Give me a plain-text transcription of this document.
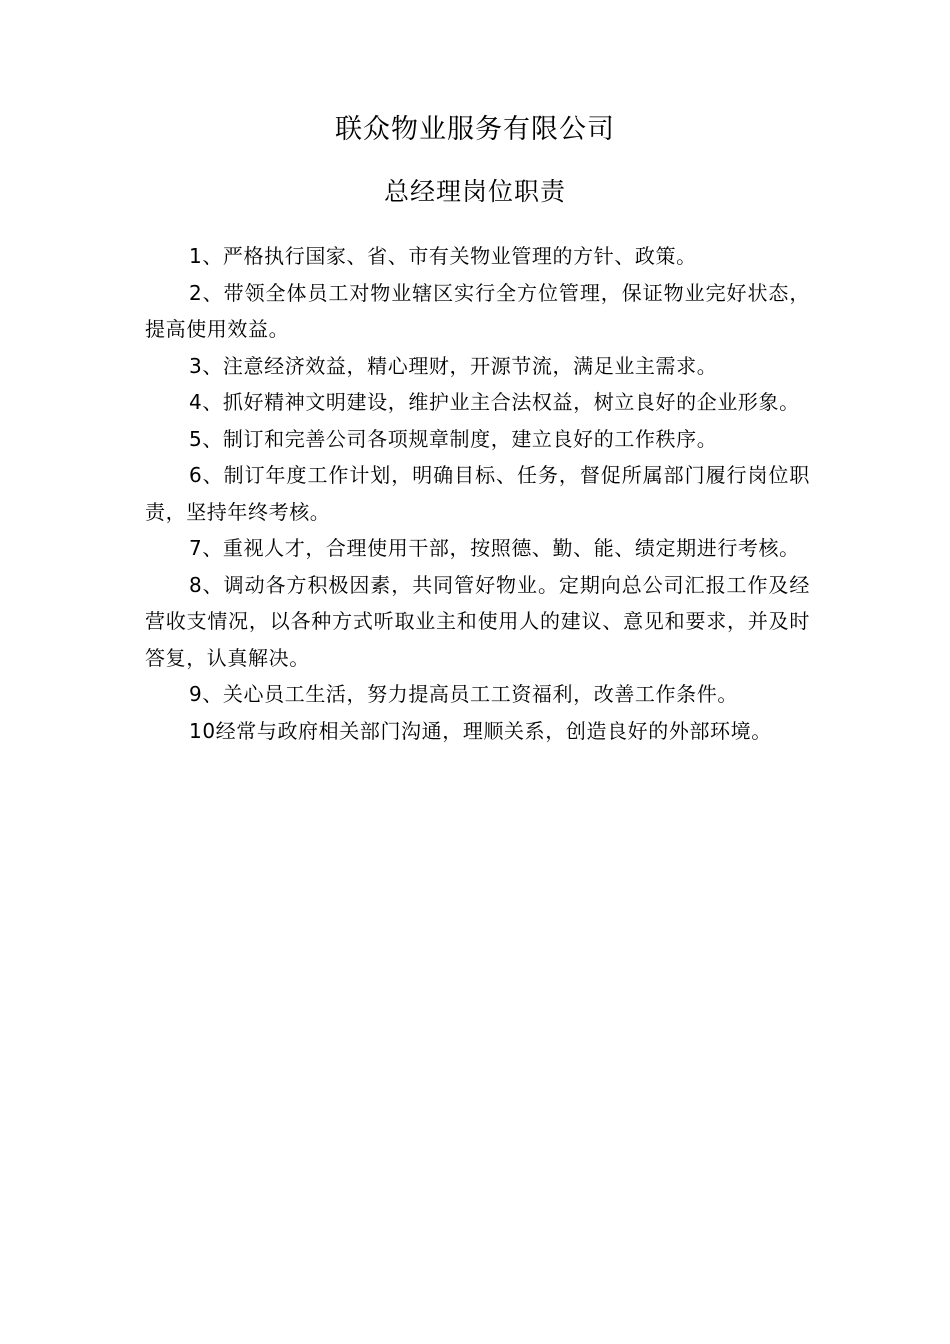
联众物业服务有限公司
总经理岗位职责

1、严格执行国家、省、市有关物业管理的方针、政策。

2、带领全体员工对物业辖区实行全方位管理，保证物业完好状态，提高使用效益。

3、注意经济效益，精心理财，开源节流，满足业主需求。

4、抓好精神文明建设，维护业主合法权益，树立良好的企业形象。

5、制订和完善公司各项规章制度，建立良好的工作秩序。

6、制订年度工作计划，明确目标、任务，督促所属部门履行岗位职责，坚持年终考核。

7、重视人才，合理使用干部，按照德、勤、能、绩定期进行考核。

8、调动各方积极因素，共同管好物业。定期向总公司汇报工作及经营收支情况，以各种方式听取业主和使用人的建议、意见和要求，并及时答复，认真解决。

9、关心员工生活，努力提高员工工资福利，改善工作条件。

10经常与政府相关部门沟通，理顺关系，创造良好的外部环境。
